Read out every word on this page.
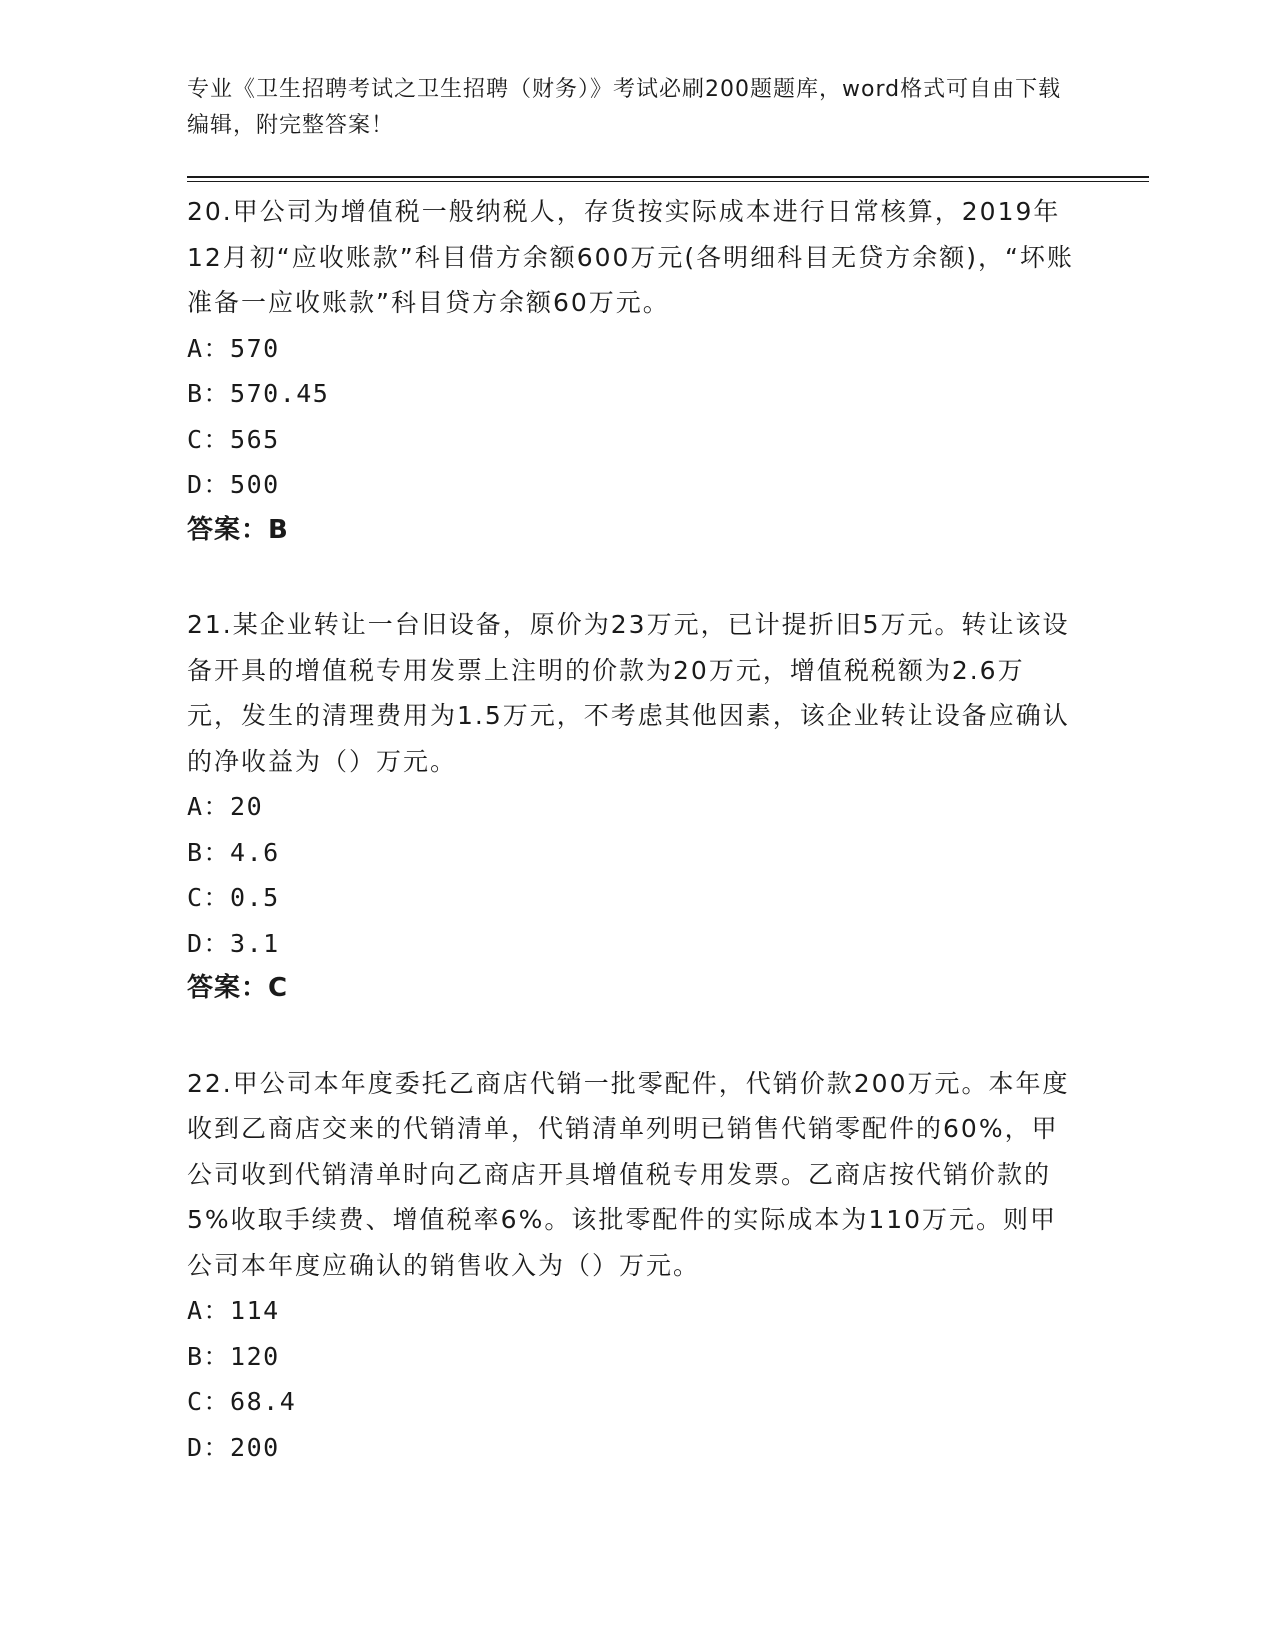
专业《卫生招聘考试之卫生招聘（财务）》考试必刷200题题库，word格式可自由下载编辑，附完整答案！

20.甲公司为增值税一般纳税人，存货按实际成本进行日常核算，2019年12月初“应收账款”科目借方余额600万元(各明细科目无贷方余额)，“坏账准备一应收账款”科目贷方余额60万元。

A：570
B：570.45
C：565
D：500
答案：B

21.某企业转让一台旧设备，原价为23万元，已计提折旧5万元。转让该设备开具的增值税专用发票上注明的价款为20万元，增值税税额为2.6万元，发生的清理费用为1.5万元，不考虑其他因素，该企业转让设备应确认的净收益为（）万元。

A：20
B：4.6
C：0.5
D：3.1
答案：C

22.甲公司本年度委托乙商店代销一批零配件，代销价款200万元。本年度收到乙商店交来的代销清单，代销清单列明已销售代销零配件的60%，甲公司收到代销清单时向乙商店开具增值税专用发票。乙商店按代销价款的5%收取手续费、增值税率6%。该批零配件的实际成本为110万元。则甲公司本年度应确认的销售收入为（）万元。

A：114
B：120
C：68.4
D：200
